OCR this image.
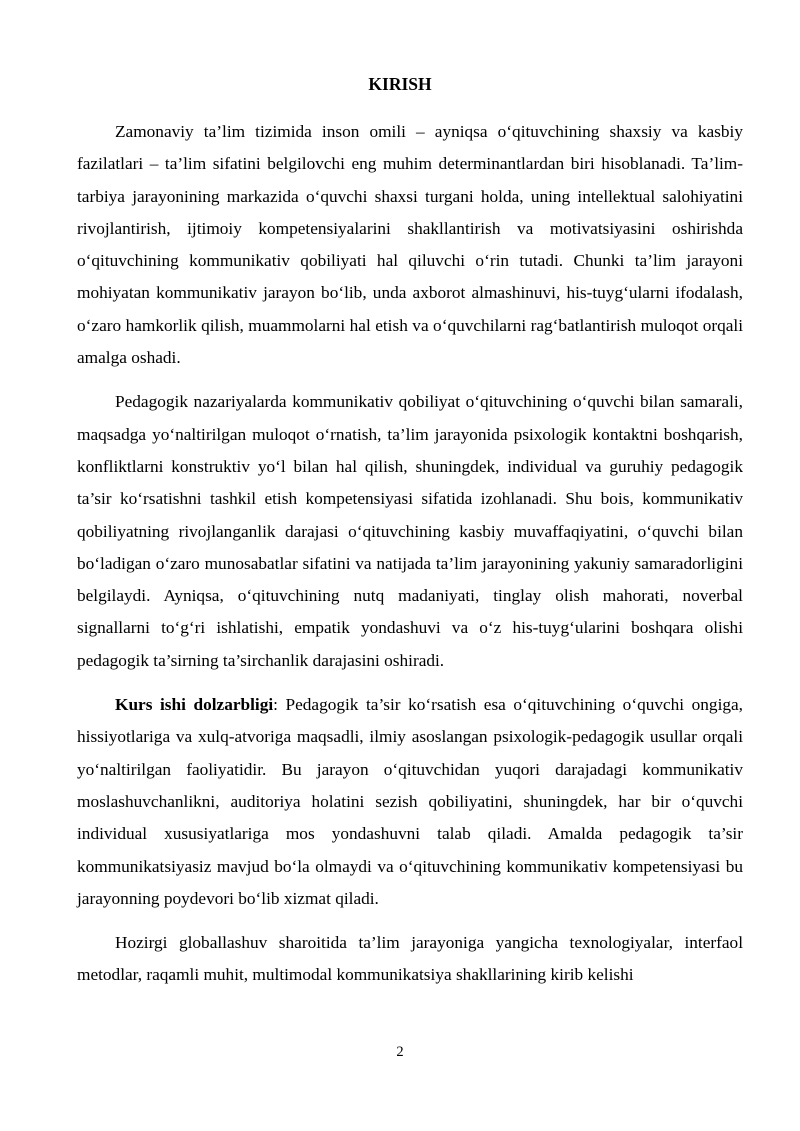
KIRISH

Zamonaviy ta’lim tizimida inson omili – ayniqsa o‘qituvchining shaxsiy va kasbiy fazilatlari – ta’lim sifatini belgilovchi eng muhim determinantlardan biri hisoblanadi. Ta’lim-tarbiya jarayonining markazida o‘quvchi shaxsi turgani holda, uning intellektual salohiyatini rivojlantirish, ijtimoiy kompetensiyalarini shakllantirish va motivatsiyasini oshirishda o‘qituvchining kommunikativ qobiliyati hal qiluvchi o‘rin tutadi. Chunki ta’lim jarayoni mohiyatan kommunikativ jarayon bo‘lib, unda axborot almashinuvi, his-tuyg‘ularni ifodalash, o‘zaro hamkorlik qilish, muammolarni hal etish va o‘quvchilarni rag‘batlantirish muloqot orqali amalga oshadi.

Pedagogik nazariyalarda kommunikativ qobiliyat o‘qituvchining o‘quvchi bilan samarali, maqsadga yo‘naltirilgan muloqot o‘rnatish, ta’lim jarayonida psixologik kontaktni boshqarish, konfliktlarni konstruktiv yo‘l bilan hal qilish, shuningdek, individual va guruhiy pedagogik ta’sir ko‘rsatishni tashkil etish kompetensiyasi sifatida izohlanadi. Shu bois, kommunikativ qobiliyatning rivojlanganlik darajasi o‘qituvchining kasbiy muvaffaqiyatini, o‘quvchi bilan bo‘ladigan o‘zaro munosabatlar sifatini va natijada ta’lim jarayonining yakuniy samaradorligini belgilaydi. Ayniqsa, o‘qituvchining nutq madaniyati, tinglay olish mahorati, noverbal signallarni to‘g‘ri ishlatishi, empatik yondashuvi va o‘z his-tuyg‘ularini boshqara olishi pedagogik ta’sirning ta’sirchanlik darajasini oshiradi.

Kurs ishi dolzarbligi: Pedagogik ta’sir ko‘rsatish esa o‘qituvchining o‘quvchi ongiga, hissiyotlariga va xulq-atvoriga maqsadli, ilmiy asoslangan psixologik-pedagogik usullar orqali yo‘naltirilgan faoliyatidir. Bu jarayon o‘qituvchidan yuqori darajadagi kommunikativ moslashuvchanlikni, auditoriya holatini sezish qobiliyatini, shuningdek, har bir o‘quvchi individual xususiyatlariga mos yondashuvni talab qiladi. Amalda pedagogik ta’sir kommunikatsiyasiz mavjud bo‘la olmaydi va o‘qituvchining kommunikativ kompetensiyasi bu jarayonning poydevori bo‘lib xizmat qiladi.

Hozirgi globallashuv sharoitida ta’lim jarayoniga yangicha texnologiyalar, interfaol metodlar, raqamli muhit, multimodal kommunikatsiya shakllarining kirib kelishi

2
